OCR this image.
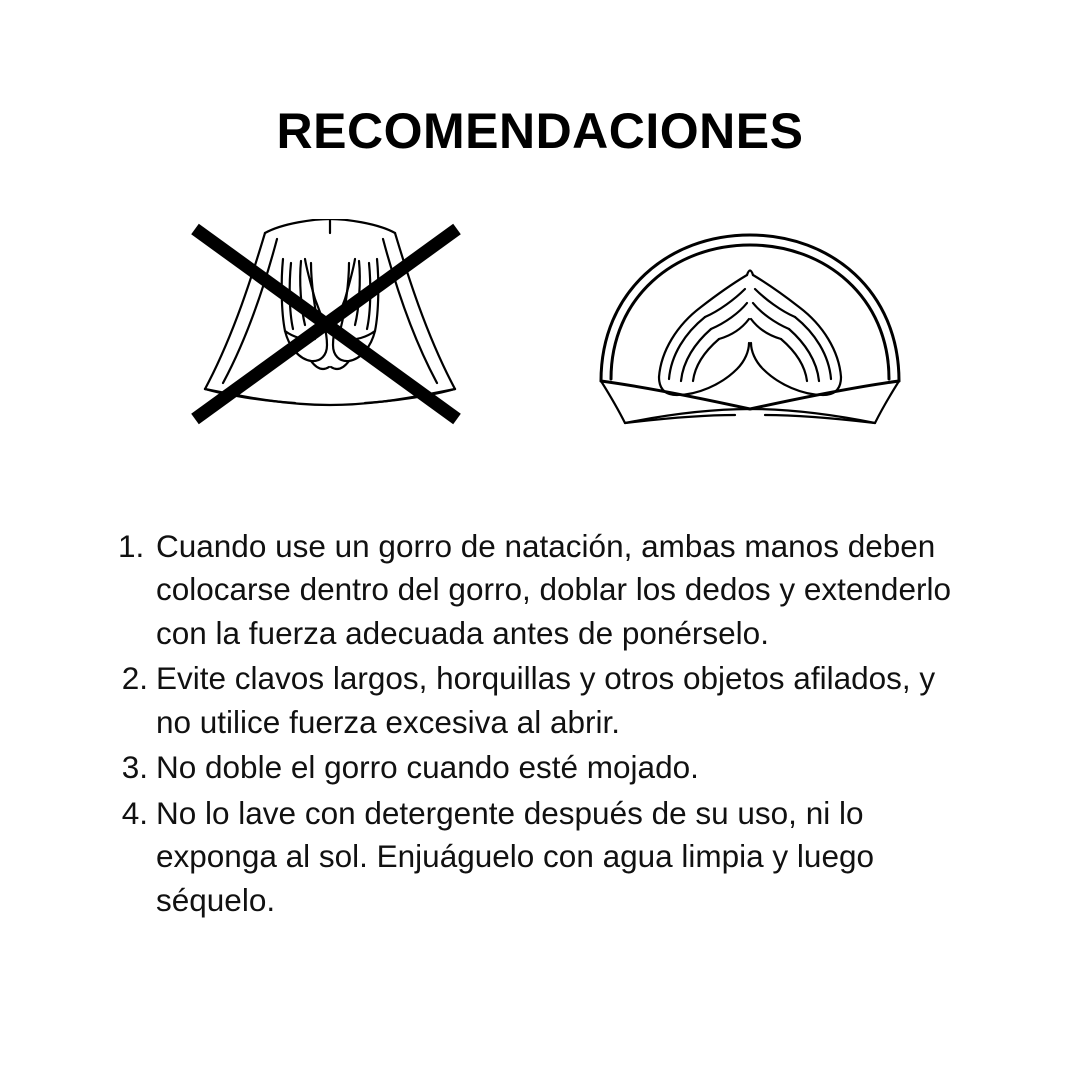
RECOMENDACIONES
1. Cuando use un gorro de natación, ambas manos deben colocarse dentro del gorro, doblar los dedos y extenderlo con la fuerza adecuada antes de ponérselo.
2. Evite clavos largos, horquillas y otros objetos afilados, y no utilice fuerza excesiva al abrir.
3. No doble el gorro cuando esté mojado.
4. No lo lave con detergente después de su uso, ni lo exponga al sol. Enjuáguelo con agua limpia y luego séquelo.
